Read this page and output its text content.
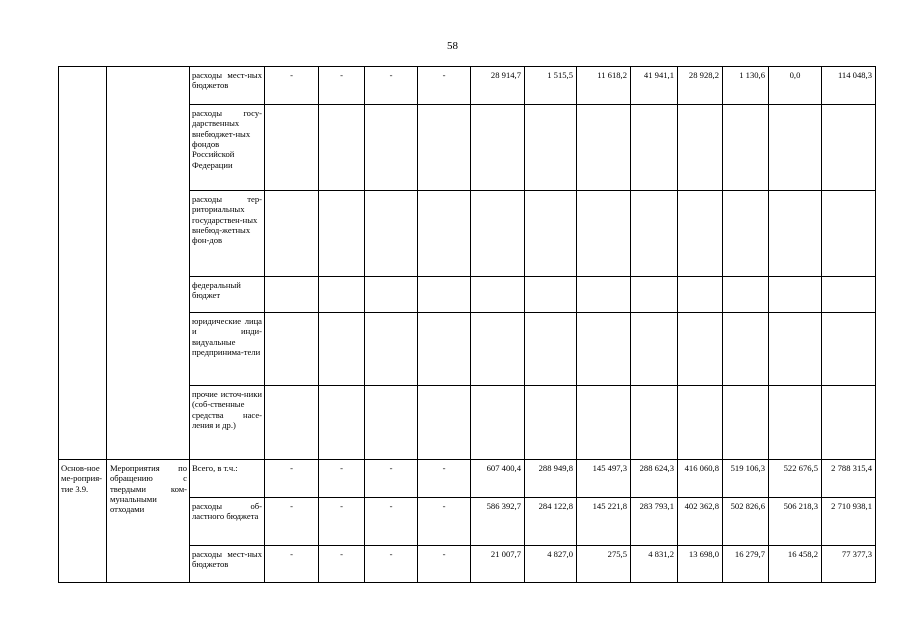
58
		расходы мест-ных бюджетов	-	-	-	-	28 914,7	1 515,5	11 618,2	41 941,1	28 928,2	1 130,6	0,0	114 048,3
		расходы госу-дарственных внебюджет-ных фондов Российской Федерации												
		расходы тер-риториальных государствен-ных внебюд-жетных фон-дов												
		федеральный бюджет												
		юридические лица и инди-видуальные предпринима-тели												
		прочие источ-ники (соб-ственные средства насе-ления и др.)												
Основ-ное ме-роприя-тие 3.9.	Мероприятия по обращению с твердыми ком-мунальными отходами	Всего, в т.ч.:	-	-	-	-	607 400,4	288 949,8	145 497,3	288 624,3	416 060,8	519 106,3	522 676,5	2 788 315,4
		расходы об-ластного бюджета	-	-	-	-	586 392,7	284 122,8	145 221,8	283 793,1	402 362,8	502 826,6	506 218,3	2 710 938,1
		расходы мест-ных бюджетов	-	-	-	-	21 007,7	4 827,0	275,5	4 831,2	13 698,0	16 279,7	16 458,2	77 377,3
